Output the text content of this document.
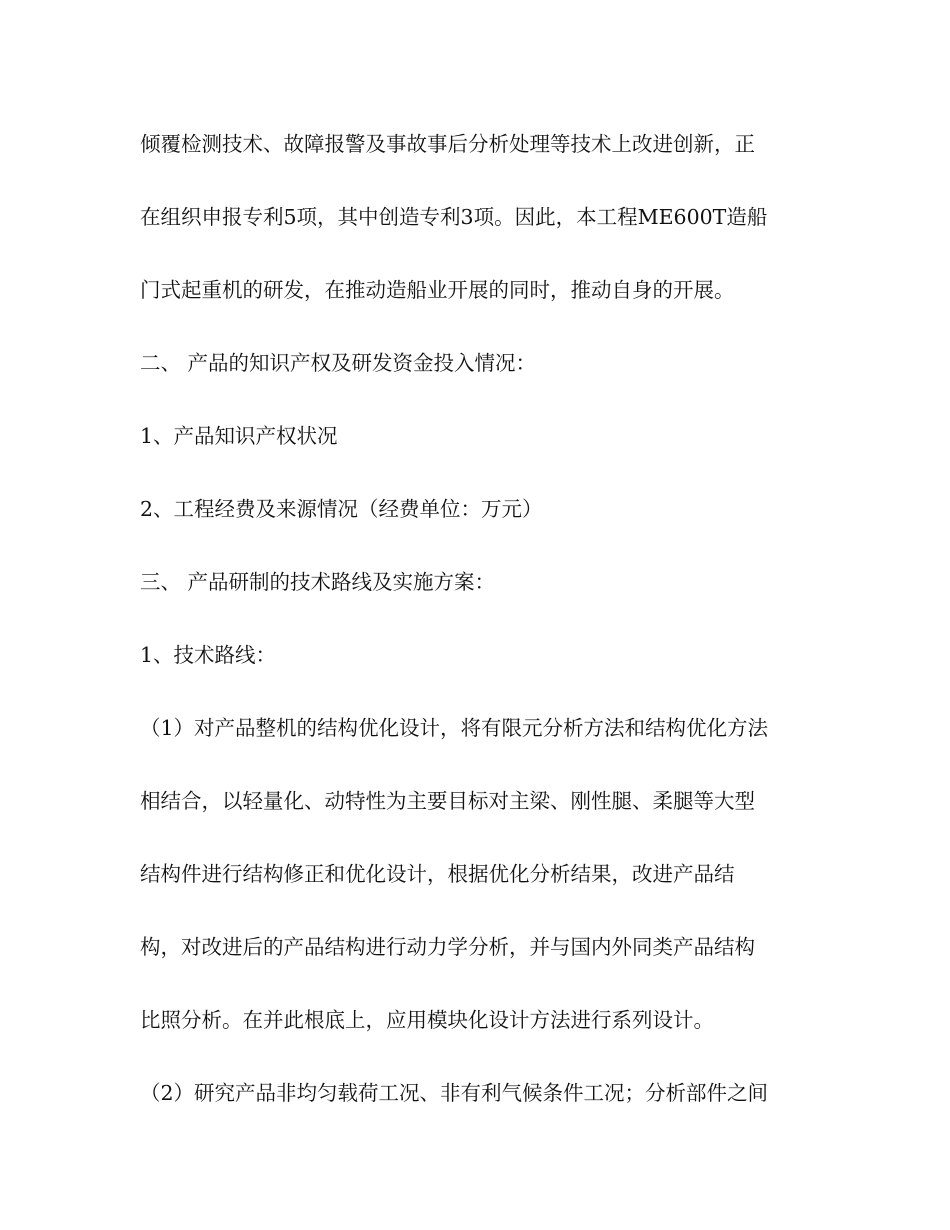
倾覆检测技术、故障报警及事故事后分析处理等技术上改进创新，正
在组织申报专利5项，其中创造专利3项。因此，本工程ME600T造船
门式起重机的研发，在推动造船业开展的同时，推动自身的开展。
二、 产品的知识产权及研发资金投入情况：
1、产品知识产权状况
2、工程经费及来源情况（经费单位：万元）
三、 产品研制的技术路线及实施方案：
1、技术路线：
（1）对产品整机的结构优化设计，将有限元分析方法和结构优化方法
相结合，以轻量化、动特性为主要目标对主梁、刚性腿、柔腿等大型
结构件进行结构修正和优化设计，根据优化分析结果，改进产品结
构，对改进后的产品结构进行动力学分析，并与国内外同类产品结构
比照分析。在并此根底上，应用模块化设计方法进行系列设计。
（2）研究产品非均匀载荷工况、非有利气候条件工况；分析部件之间
